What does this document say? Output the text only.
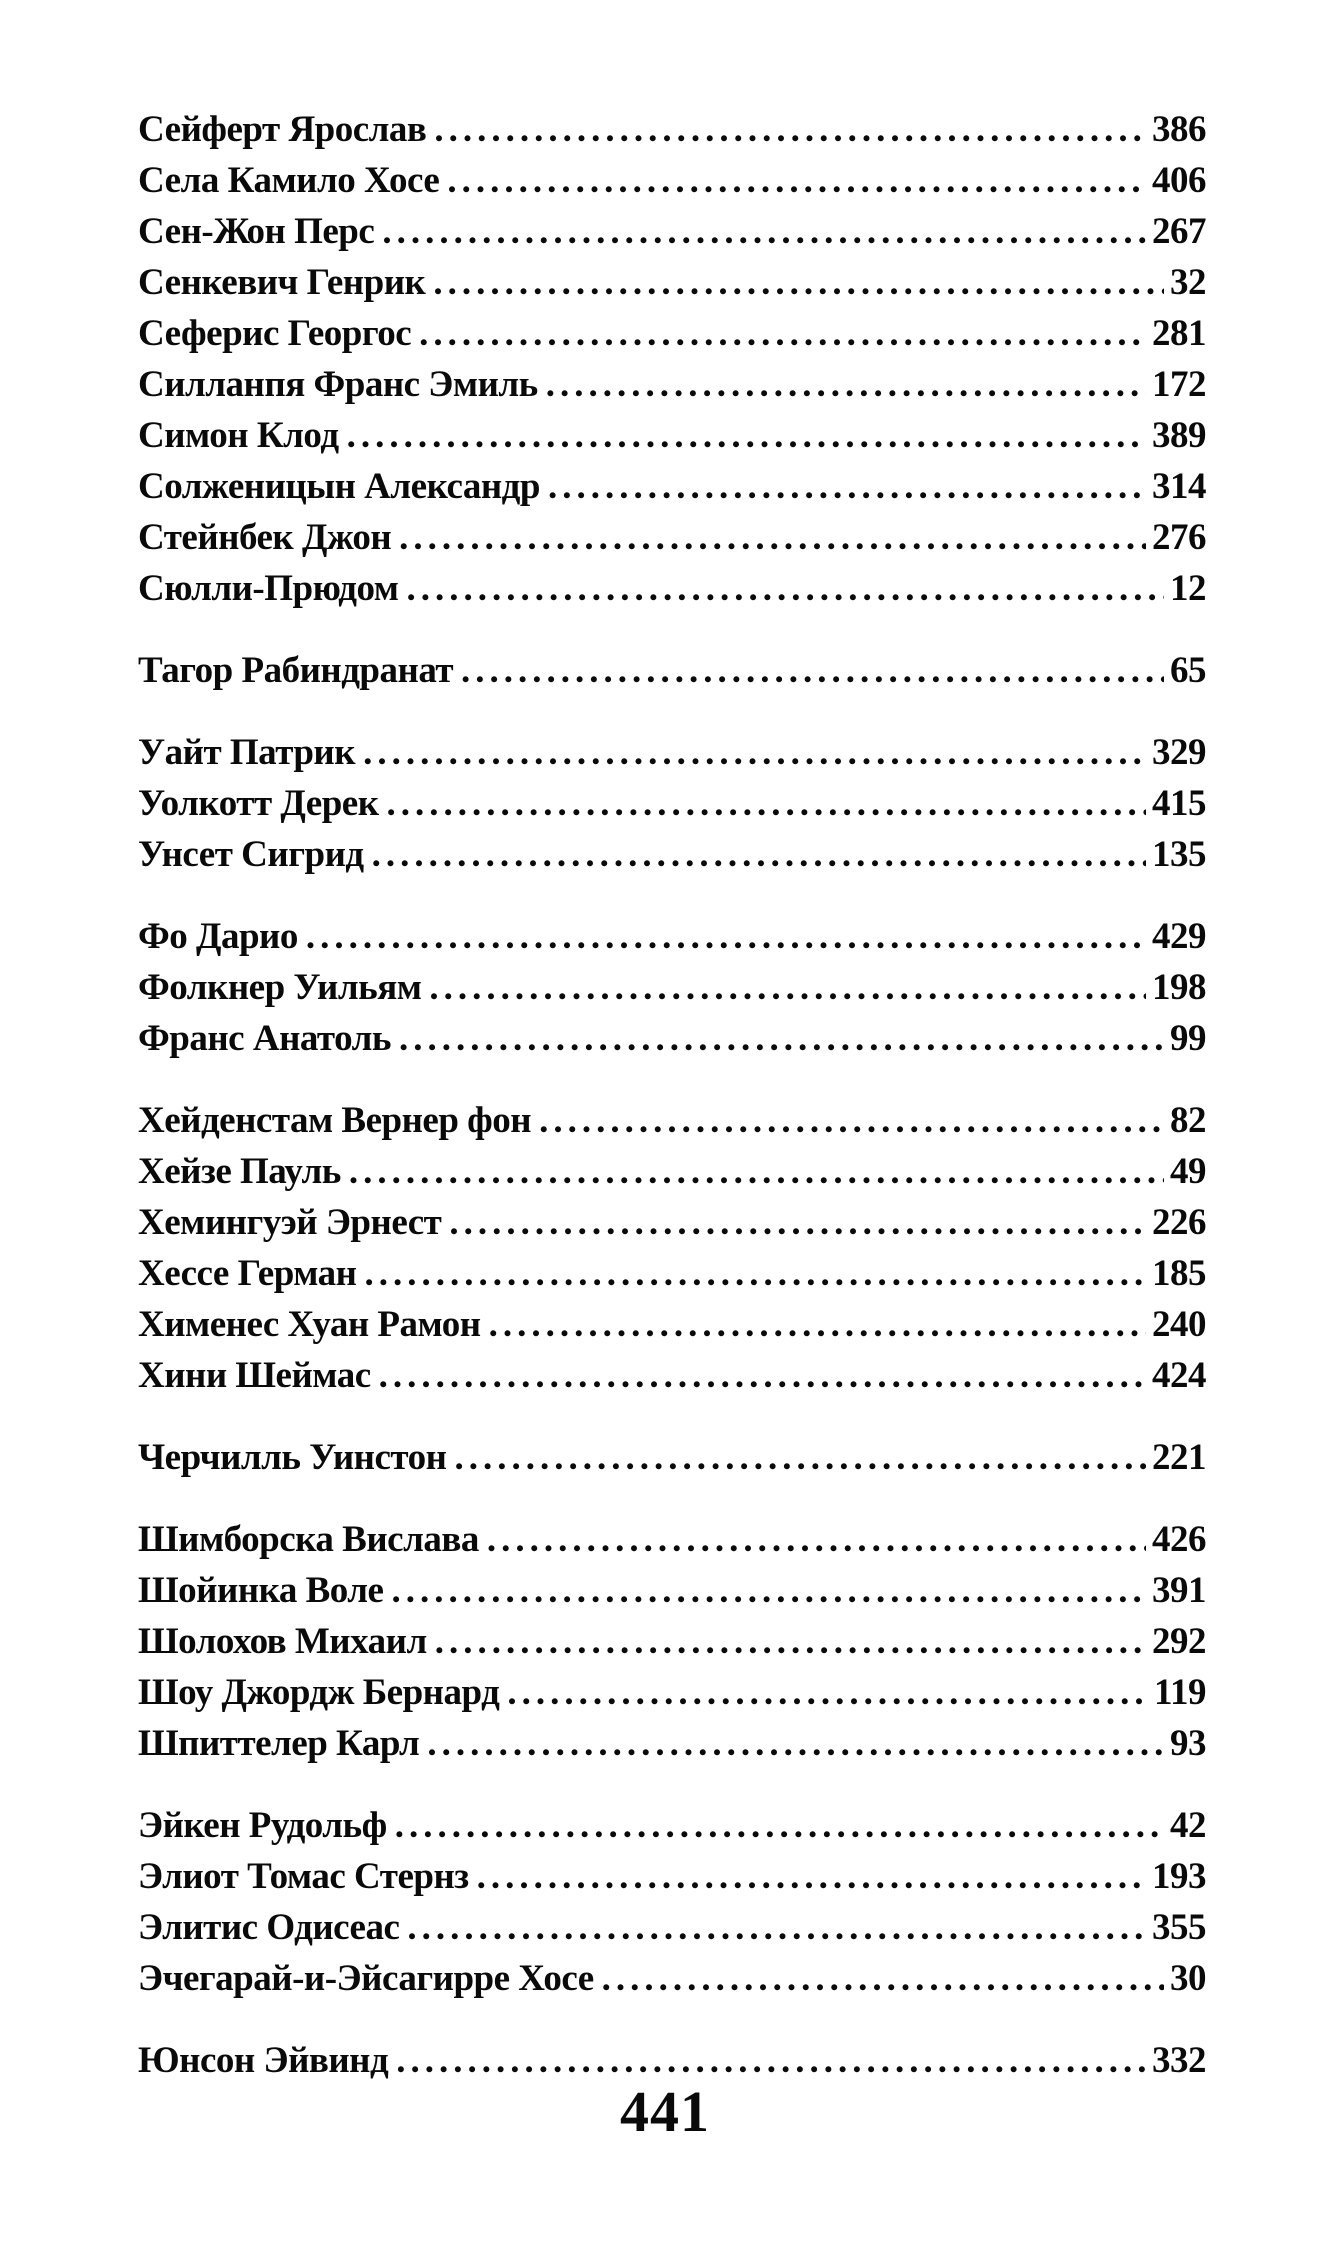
Сейферт Ярослав .....	386
Села Камило Хосе .....	406
Сен-Жон Перс .....	267
Сенкевич Генрик .....	32
Сеферис Георгос .....	281
Силланпя Франс Эмиль .....	172
Симон Клод .....	389
Солженицын Александр .....	314
Стейнбек Джон .....	276
Сюлли-Прюдом .....	12
Тагор Рабиндранат .....	65
Уайт Патрик .....	329
Уолкотт Дерек .....	415
Унсет Сигрид .....	135
Фо Дарио .....	429
Фолкнер Уильям .....	198
Франс Анатоль .....	99
Хейденстам Вернер фон .....	82
Хейзе Пауль .....	49
Хемингуэй Эрнест .....	226
Хессе Герман .....	185
Хименес Хуан Рамон .....	240
Хини Шеймас .....	424
Черчилль Уинстон .....	221
Шимборска Вислава .....	426
Шойинка Воле .....	391
Шолохов Михаил .....	292
Шоу Джордж Бернард .....	119
Шпиттелер Карл .....	93
Эйкен Рудольф .....	42
Элиот Томас Стернз .....	193
Элитис Одисеас .....	355
Эчегарай-и-Эйсагирре Хосе .....	30
Юнсон Эйвинд .....	332
441
